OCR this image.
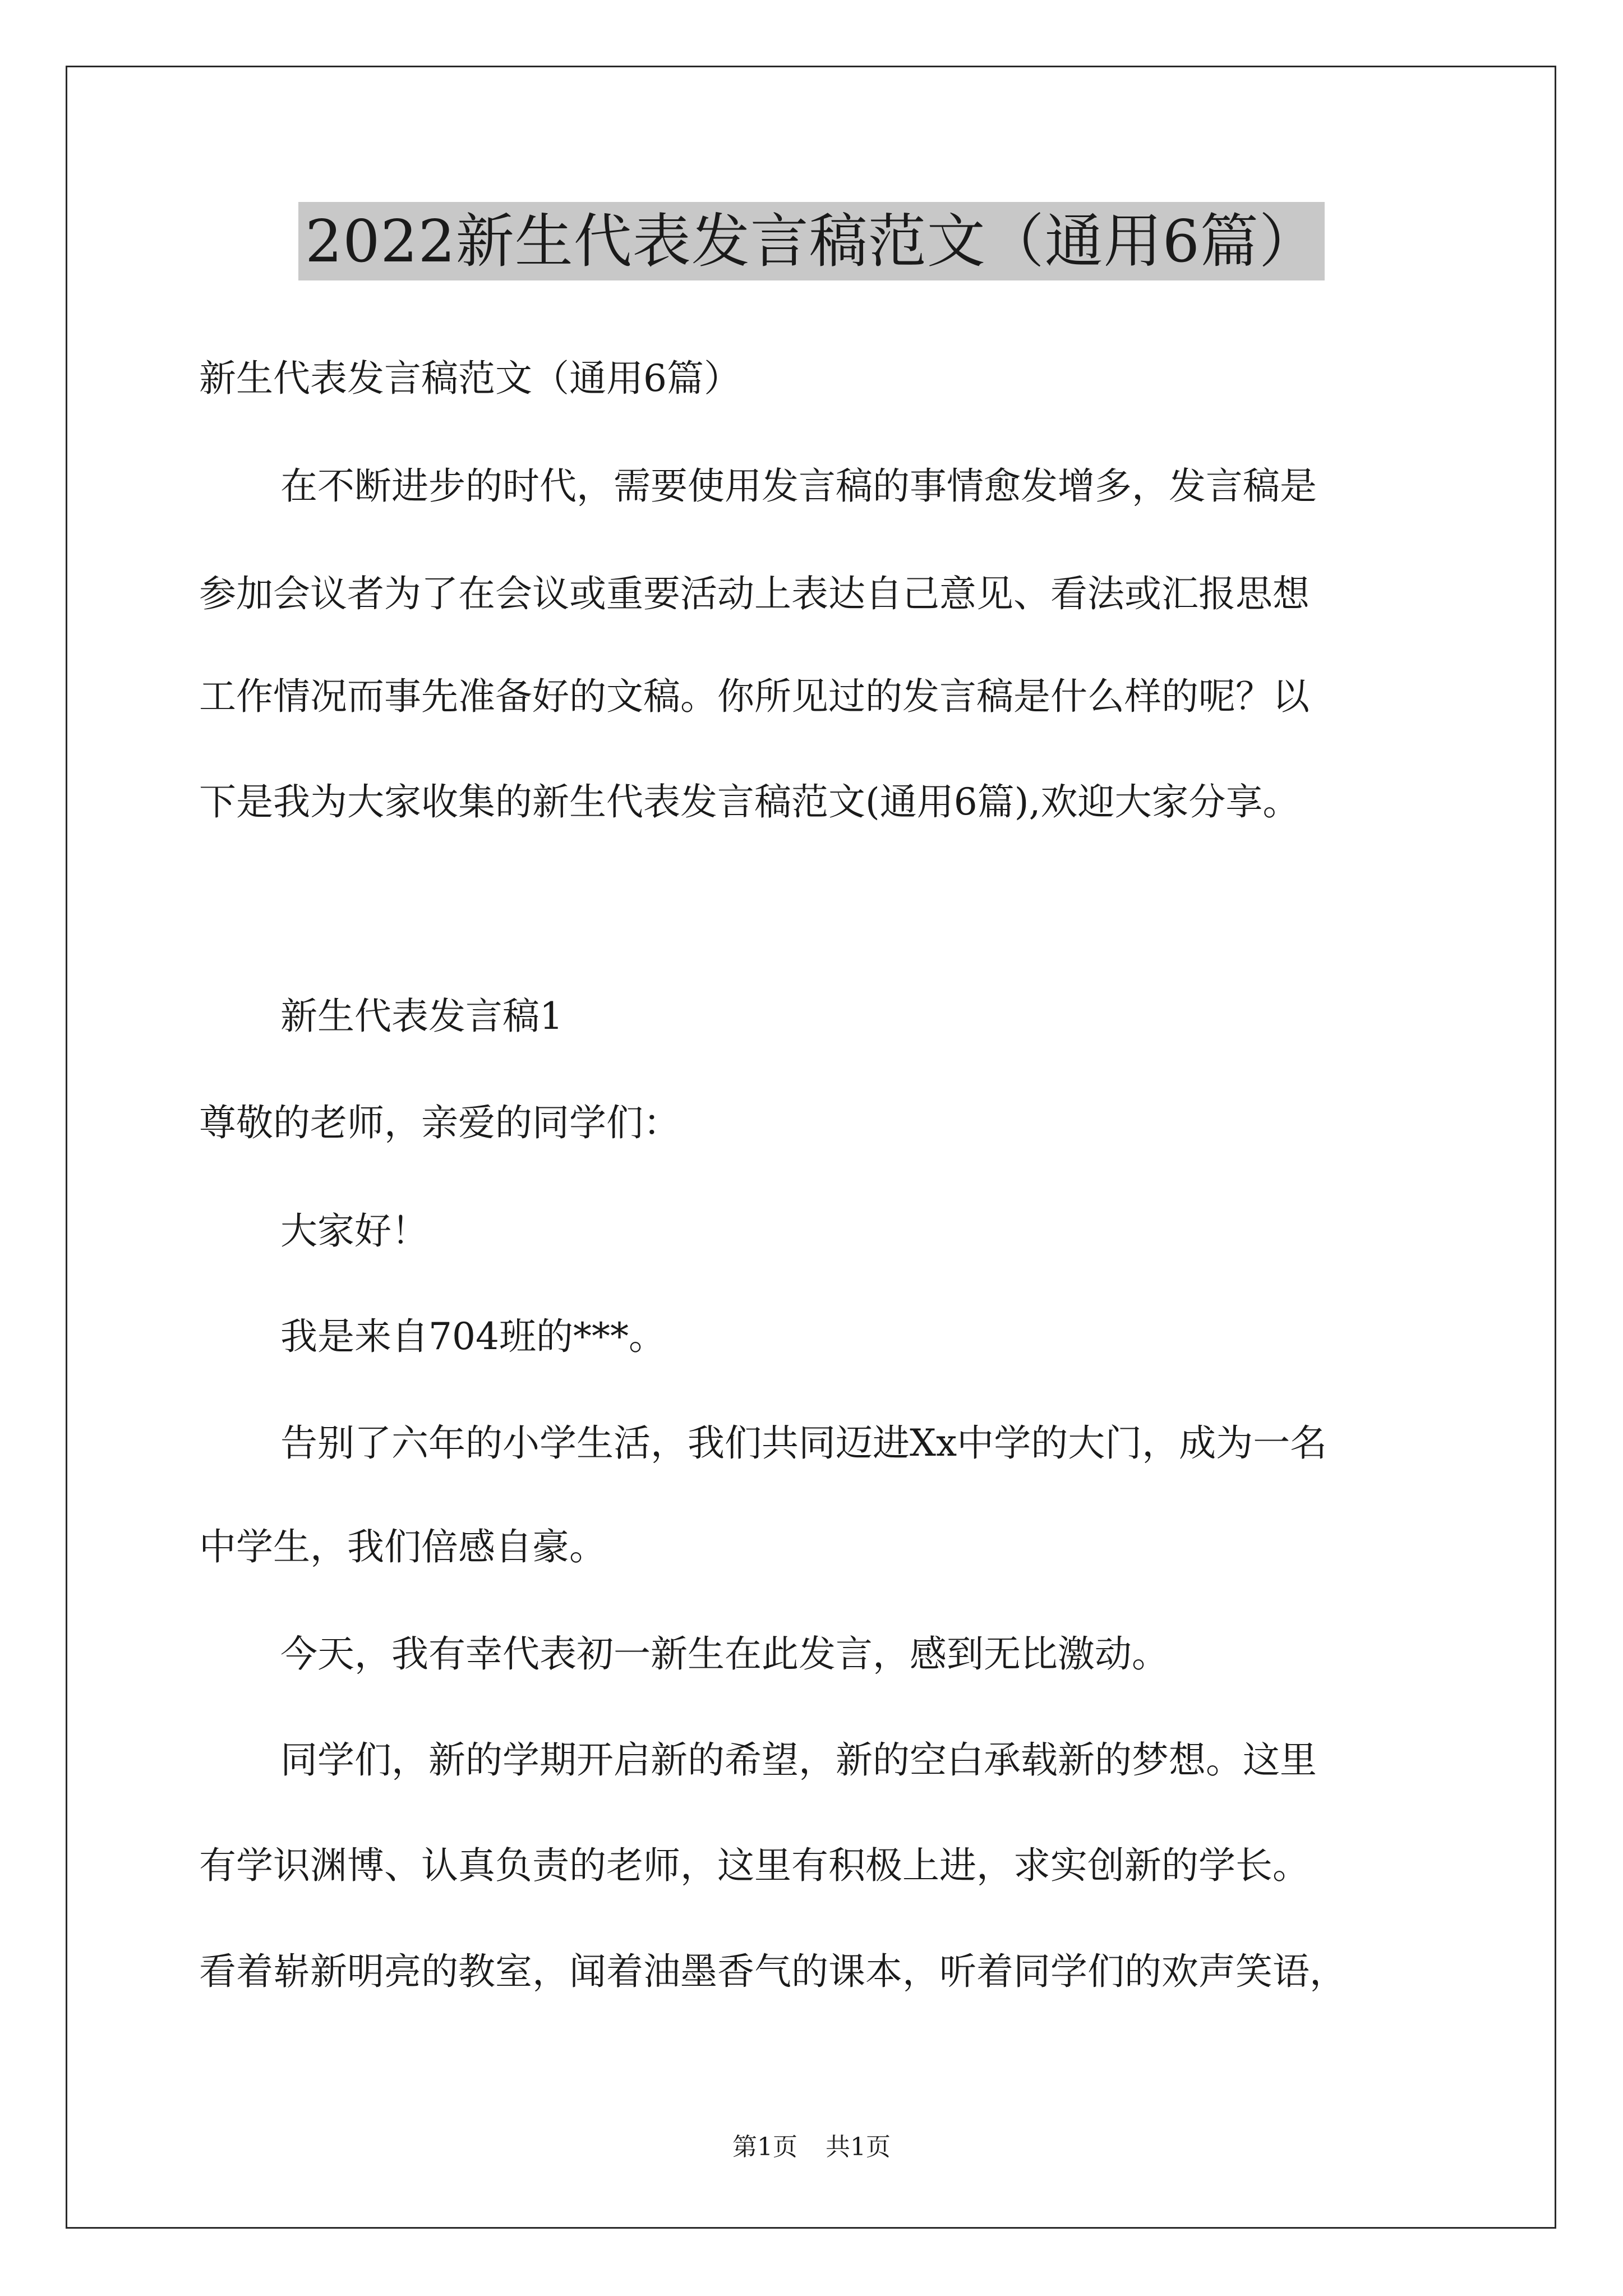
2022新生代表发言稿范文（通用6篇）
新生代表发言稿范文（通用6篇）
在不断进步的时代，需要使用发言稿的事情愈发增多，发言稿是
参加会议者为了在会议或重要活动上表达自己意见、看法或汇报思想
工作情况而事先准备好的文稿。你所见过的发言稿是什么样的呢？以
下是我为大家收集的新生代表发言稿范文(通用6篇),欢迎大家分享。
新生代表发言稿1
尊敬的老师，亲爱的同学们：
大家好！
我是来自704班的***。
告别了六年的小学生活，我们共同迈进Xx中学的大门，成为一名
中学生，我们倍感自豪。
今天，我有幸代表初一新生在此发言，感到无比激动。
同学们，新的学期开启新的希望，新的空白承载新的梦想。这里
有学识渊博、认真负责的老师，这里有积极上进，求实创新的学长。
看着崭新明亮的教室，闻着油墨香气的课本，听着同学们的欢声笑语，
第1页 共1页
